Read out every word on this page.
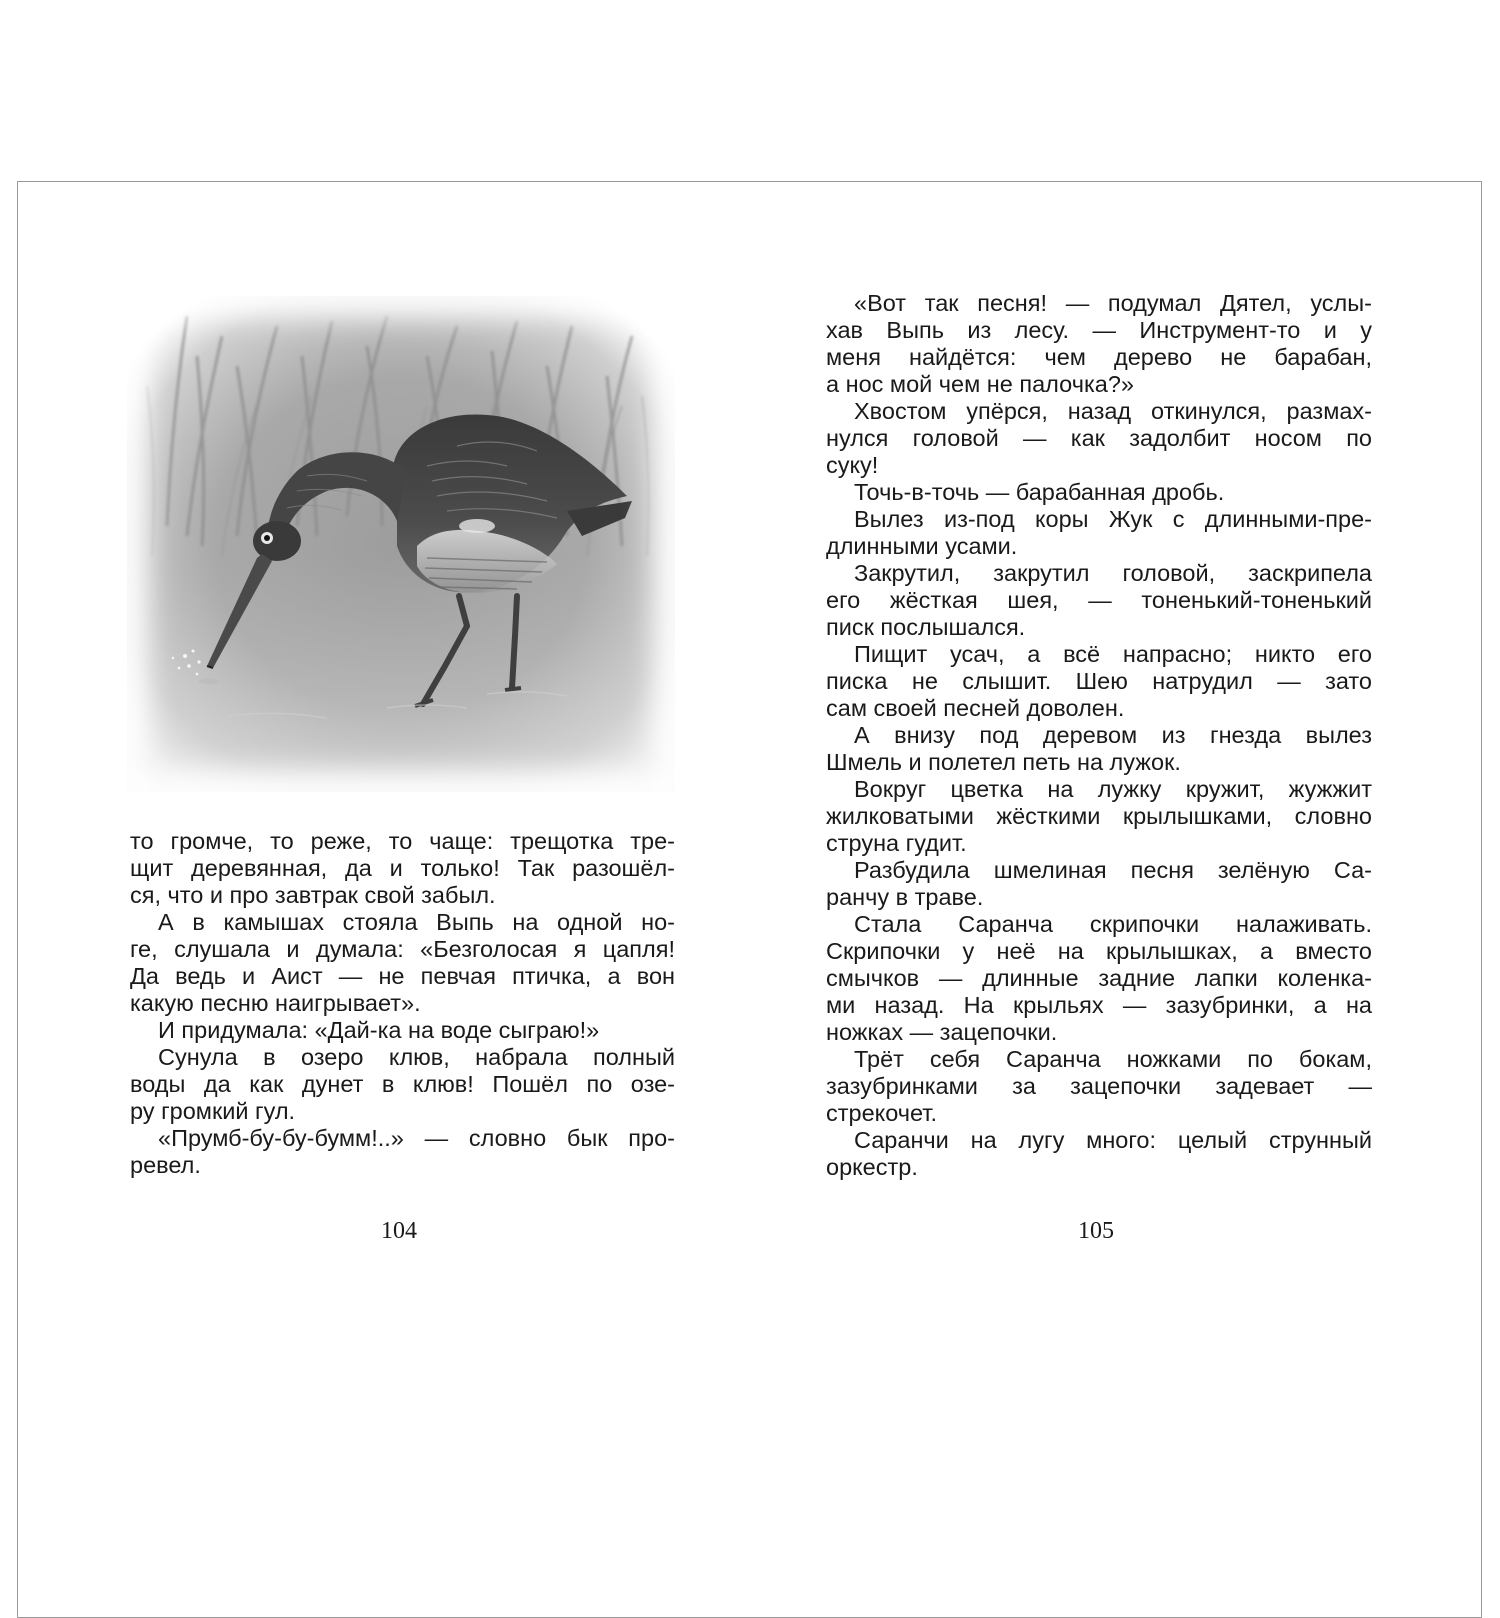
то громче, то реже, то чаще: трещотка тре-
щит деревянная, да и только! Так разошёл-
ся, что и про завтрак свой забыл.
А в камышах стояла Выпь на одной но-
ге, слушала и думала: «Безголосая я цапля!
Да ведь и Аист — не певчая птичка, а вон
какую песню наигрывает».
И придумала: «Дай-ка на воде сыграю!»
Сунула в озеро клюв, набрала полный
воды да как дунет в клюв! Пошёл по озе-
ру громкий гул.
«Прумб-бу-бу-бумм!..» — словно бык про-
ревел.
«Вот так песня! — подумал Дятел, услы-
хав Выпь из лесу. — Инструмент-то и у
меня найдётся: чем дерево не барабан,
а нос мой чем не палочка?»
Хвостом упёрся, назад откинулся, размах-
нулся головой — как задолбит носом по
суку!
Точь-в-точь — барабанная дробь.
Вылез из-под коры Жук с длинными-пре-
длинными усами.
Закрутил, закрутил головой, заскрипела
его жёсткая шея, — тоненький-тоненький
писк послышался.
Пищит усач, а всё напрасно; никто его
писка не слышит. Шею натрудил — зато
сам своей песней доволен.
А внизу под деревом из гнезда вылез
Шмель и полетел петь на лужок.
Вокруг цветка на лужку кружит, жужжит
жилковатыми жёсткими крылышками, словно
струна гудит.
Разбудила шмелиная песня зелёную Са-
ранчу в траве.
Стала Саранча скрипочки налаживать.
Скрипочки у неё на крылышках, а вместо
смычков — длинные задние лапки коленка-
ми назад. На крыльях — зазубринки, а на
ножках — зацепочки.
Трёт себя Саранча ножками по бокам,
зазубринками за зацепочки задевает —
стрекочет.
Саранчи на лугу много: целый струнный
оркестр.
104	105
